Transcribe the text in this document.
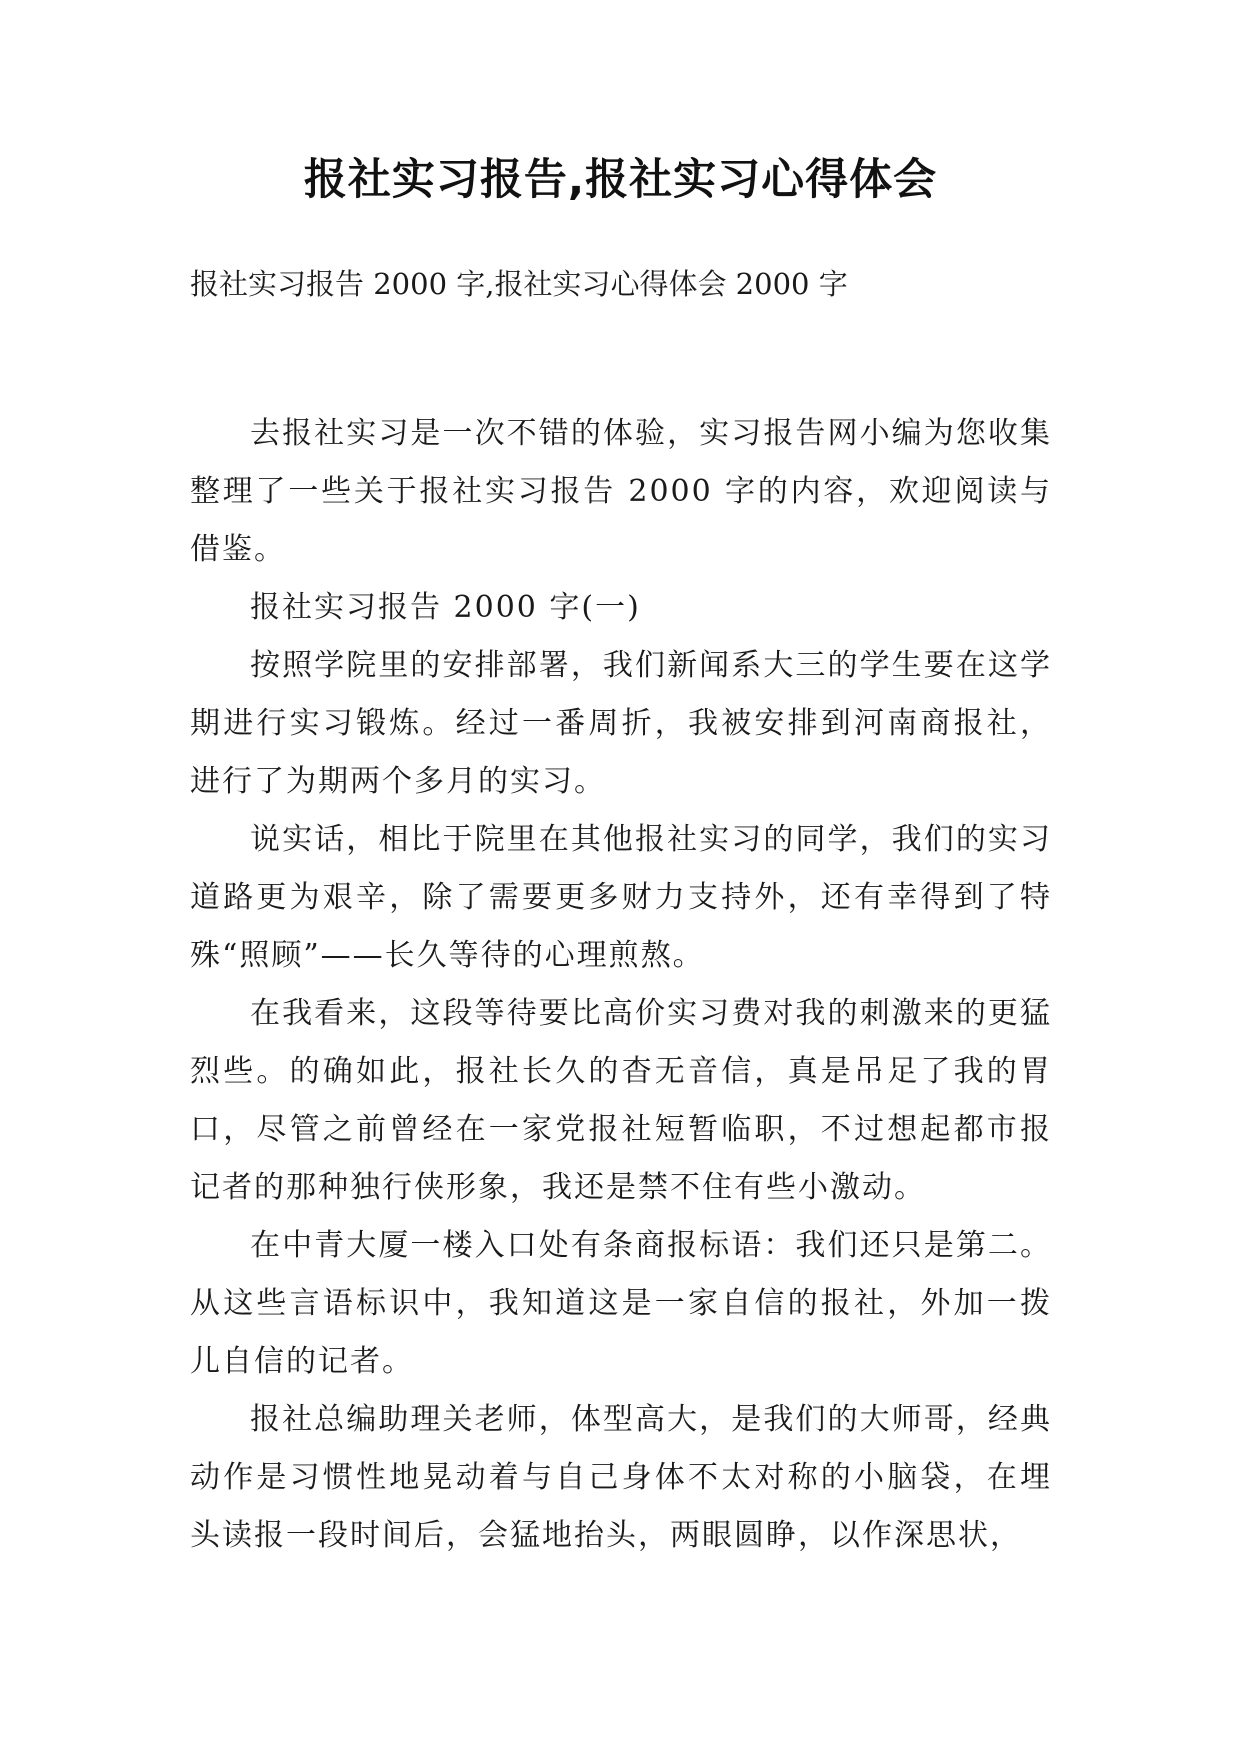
报社实习报告,报社实习心得体会
报社实习报告 2000 字,报社实习心得体会 2000 字

去报社实习是一次不错的体验，实习报告网小编为您收集整理了一些关于报社实习报告 2000 字的内容，欢迎阅读与借鉴。

报社实习报告 2000 字(一)

按照学院里的安排部署，我们新闻系大三的学生要在这学期进行实习锻炼。经过一番周折，我被安排到河南商报社，进行了为期两个多月的实习。

说实话，相比于院里在其他报社实习的同学，我们的实习道路更为艰辛，除了需要更多财力支持外，还有幸得到了特殊“照顾”——长久等待的心理煎熬。

在我看来，这段等待要比高价实习费对我的刺激来的更猛烈些。的确如此，报社长久的杳无音信，真是吊足了我的胃口，尽管之前曾经在一家党报社短暂临职，不过想起都市报记者的那种独行侠形象，我还是禁不住有些小激动。

在中青大厦一楼入口处有条商报标语：我们还只是第二。从这些言语标识中，我知道这是一家自信的报社，外加一拨儿自信的记者。

报社总编助理关老师，体型高大，是我们的大师哥，经典动作是习惯性地晃动着与自己身体不太对称的小脑袋，在埋头读报一段时间后，会猛地抬头，两眼圆睁，以作深思状，
